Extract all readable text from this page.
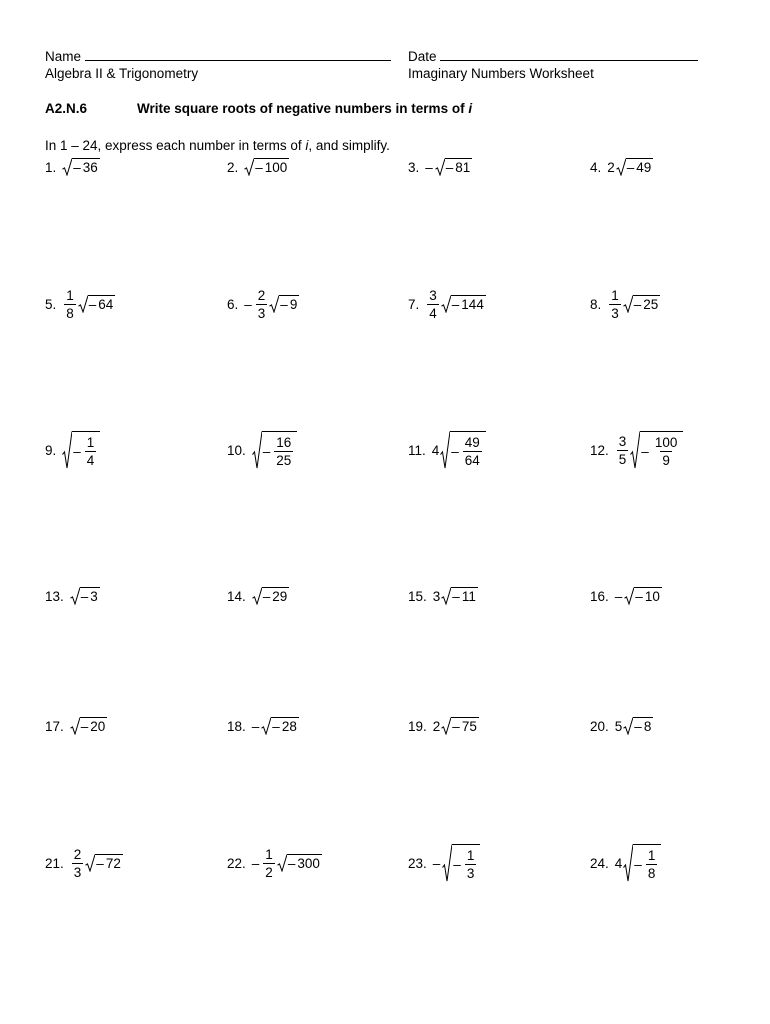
Name	Date
Algebra II & Trigonometry	Imaginary Numbers Worksheet
A2.N.6	Write square roots of negative numbers in terms of i
In 1 – 24, express each number in terms of i, and simplify.
1. – 36	2. – 100	3. – – 81	4. 2 – 49
5. $\frac{1}{8} - 64$	6. – $\frac{2}{3} - 9$	7. $\frac{3}{4} - 144$	8. $\frac{1}{3} - 25$
9. – $\frac{1}{4}$	10. – $\frac{16}{25}$	11. $4 - \frac{49}{64}$	12. $\frac{3}{5} - \frac{100}{9}$
13. – 3	14. – 29	15. 3 – 11	16. – – 10
17. – 20	18. – – 28	19. 2 – 75	20. 5 – 8
21. $\frac{2}{3} - 72$	22. – $\frac{1}{2} - 300$	23. – – $\frac{1}{3}$	24. $4 - \frac{1}{8}$
